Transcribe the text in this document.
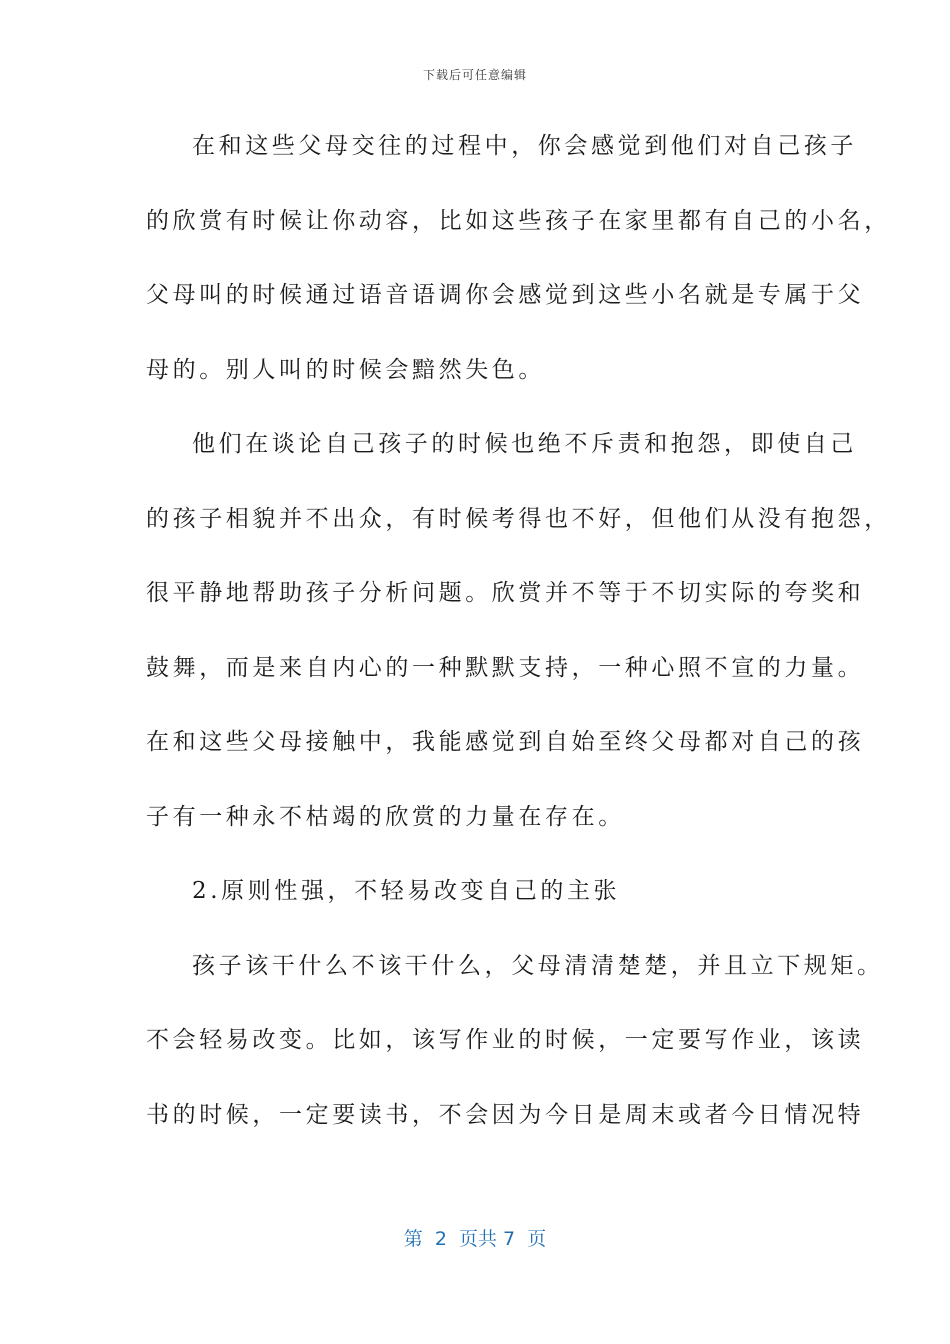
下载后可任意编辑
在和这些父母交往的过程中，你会感觉到他们对自己孩子
的欣赏有时候让你动容，比如这些孩子在家里都有自己的小名，
父母叫的时候通过语音语调你会感觉到这些小名就是专属于父
母的。别人叫的时候会黯然失色。
他们在谈论自己孩子的时候也绝不斥责和抱怨，即使自己
的孩子相貌并不出众，有时候考得也不好，但他们从没有抱怨，
很平静地帮助孩子分析问题。欣赏并不等于不切实际的夸奖和
鼓舞，而是来自内心的一种默默支持，一种心照不宣的力量。
在和这些父母接触中，我能感觉到自始至终父母都对自己的孩
子有一种永不枯竭的欣赏的力量在存在。
2.原则性强，不轻易改变自己的主张
孩子该干什么不该干什么，父母清清楚楚，并且立下规矩。
不会轻易改变。比如，该写作业的时候，一定要写作业，该读
书的时候，一定要读书，不会因为今日是周末或者今日情况特
第  2  页共 7  页
